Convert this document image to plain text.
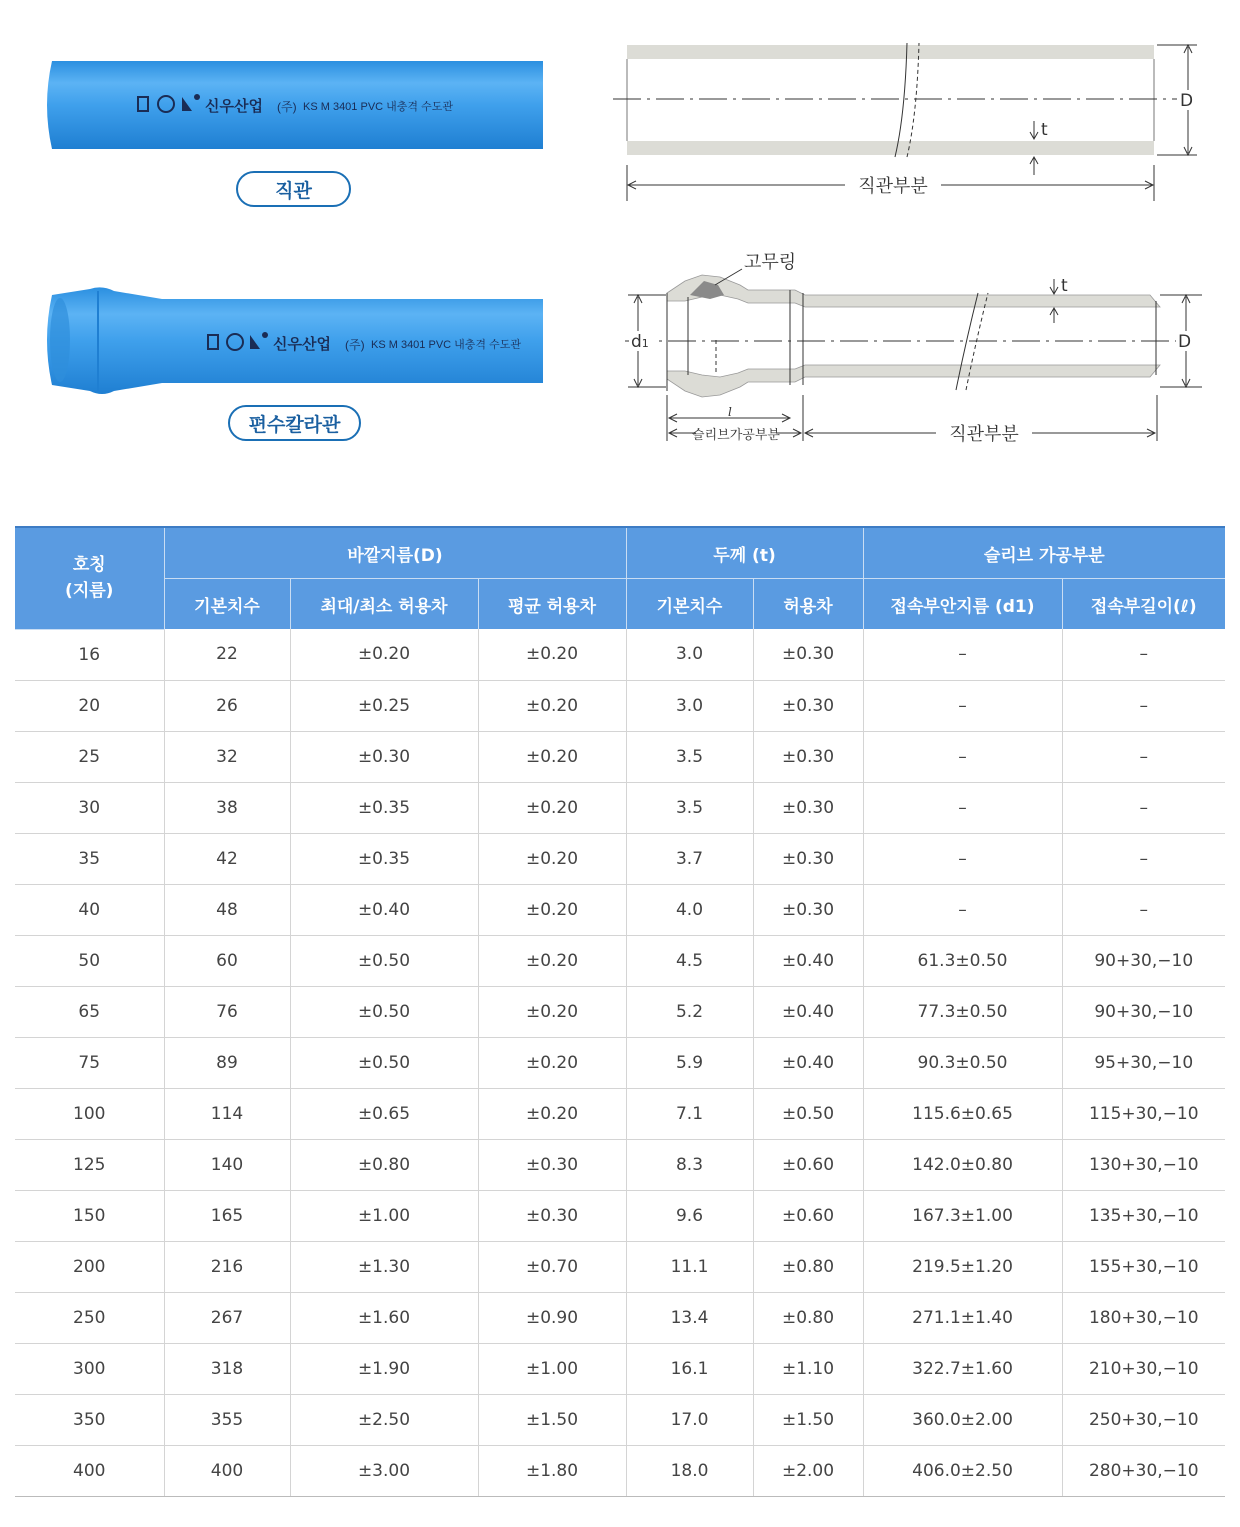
신우산업 (주) KS M 3401 PVC 내충격 수도관
직관
신우산업 (주) KS M 3401 PVC 내충격 수도관
편수칼라관
D
t
직관부분
고무링
t
D
d1
l
슬리브가공부분	직관부분
호칭
(지름)	바깥지름(D)			두께 (t)		슬리브 가공부분	
	기본치수	최대/최소 허용차	평균 허용차	기본치수	허용차	접속부안지름 (d1)	접속부길이(ℓ)
16	22	±0.20	±0.20	3.0	±0.30	–	–
20	26	±0.25	±0.20	3.0	±0.30	–	–
25	32	±0.30	±0.20	3.5	±0.30	–	–
30	38	±0.35	±0.20	3.5	±0.30	–	–
35	42	±0.35	±0.20	3.7	±0.30	–	–
40	48	±0.40	±0.20	4.0	±0.30	–	–
50	60	±0.50	±0.20	4.5	±0.40	61.3±0.50	90+30,−10
65	76	±0.50	±0.20	5.2	±0.40	77.3±0.50	90+30,−10
75	89	±0.50	±0.20	5.9	±0.40	90.3±0.50	95+30,−10
100	114	±0.65	±0.20	7.1	±0.50	115.6±0.65	115+30,−10
125	140	±0.80	±0.30	8.3	±0.60	142.0±0.80	130+30,−10
150	165	±1.00	±0.30	9.6	±0.60	167.3±1.00	135+30,−10
200	216	±1.30	±0.70	11.1	±0.80	219.5±1.20	155+30,−10
250	267	±1.60	±0.90	13.4	±0.80	271.1±1.40	180+30,−10
300	318	±1.90	±1.00	16.1	±1.10	322.7±1.60	210+30,−10
350	355	±2.50	±1.50	17.0	±1.50	360.0±2.00	250+30,−10
400	400	±3.00	±1.80	18.0	±2.00	406.0±2.50	280+30,−10
